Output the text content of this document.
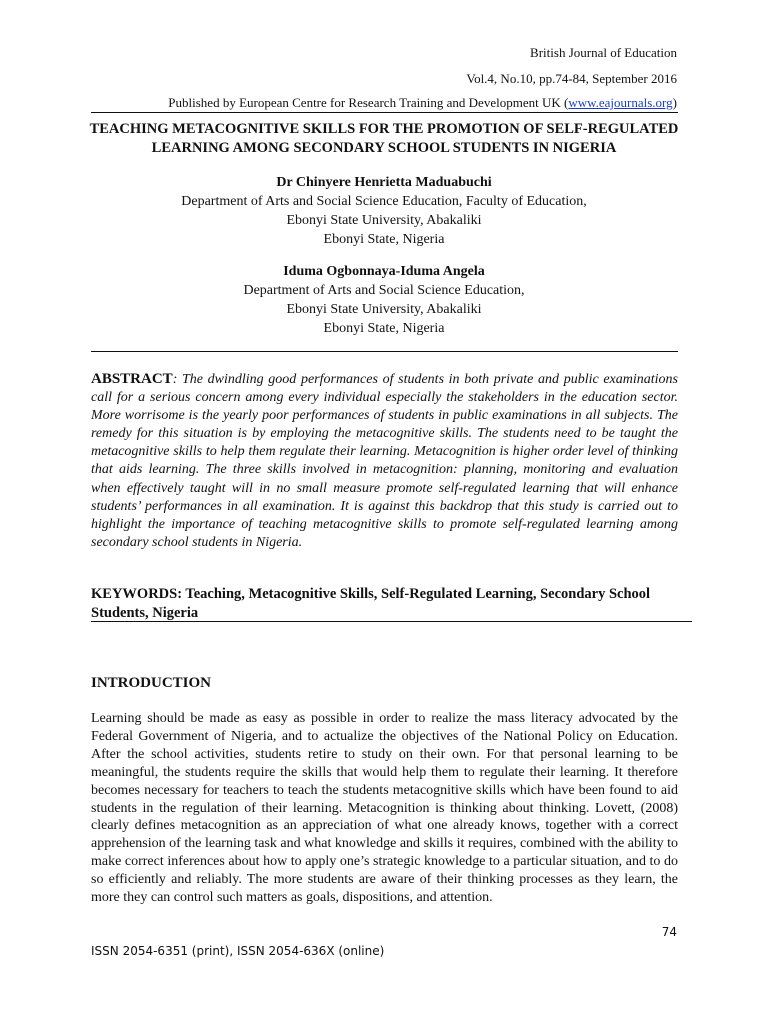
British Journal of Education
Vol.4, No.10, pp.74-84, September 2016
Published by European Centre for Research Training and Development UK (www.eajournals.org)
TEACHING METACOGNITIVE SKILLS FOR THE PROMOTION OF SELF-REGULATED LEARNING AMONG SECONDARY SCHOOL STUDENTS IN NIGERIA
Dr Chinyere Henrietta Maduabuchi
Department of Arts and Social Science Education, Faculty of Education,
Ebonyi State University, Abakaliki
Ebonyi State, Nigeria
Iduma Ogbonnaya-Iduma Angela
Department of Arts and Social Science Education,
Ebonyi State University, Abakaliki
Ebonyi State, Nigeria
ABSTRACT: The dwindling good performances of students in both private and public examinations call for a serious concern among every individual especially the stakeholders in the education sector. More worrisome is the yearly poor performances of students in public examinations in all subjects. The remedy for this situation is by employing the metacognitive skills. The students need to be taught the metacognitive skills to help them regulate their learning. Metacognition is higher order level of thinking that aids learning. The three skills involved in metacognition: planning, monitoring and evaluation when effectively taught will in no small measure promote self-regulated learning that will enhance students’ performances in all examination. It is against this backdrop that this study is carried out to highlight the importance of teaching metacognitive skills to promote self-regulated learning among secondary school students in Nigeria.
KEYWORDS: Teaching, Metacognitive Skills, Self-Regulated Learning, Secondary School Students, Nigeria
INTRODUCTION
Learning should be made as easy as possible in order to realize the mass literacy advocated by the Federal Government of Nigeria, and to actualize the objectives of the National Policy on Education. After the school activities, students retire to study on their own. For that personal learning to be meaningful, the students require the skills that would help them to regulate their learning. It therefore becomes necessary for teachers to teach the students metacognitive skills which have been found to aid students in the regulation of their learning. Metacognition is thinking about thinking. Lovett, (2008) clearly defines metacognition as an appreciation of what one already knows, together with a correct apprehension of the learning task and what knowledge and skills it requires, combined with the ability to make correct inferences about how to apply one’s strategic knowledge to a particular situation, and to do so efficiently and reliably. The more students are aware of their thinking processes as they learn, the more they can control such matters as goals, dispositions, and attention.
74
ISSN 2054-6351 (print), ISSN 2054-636X (online)
